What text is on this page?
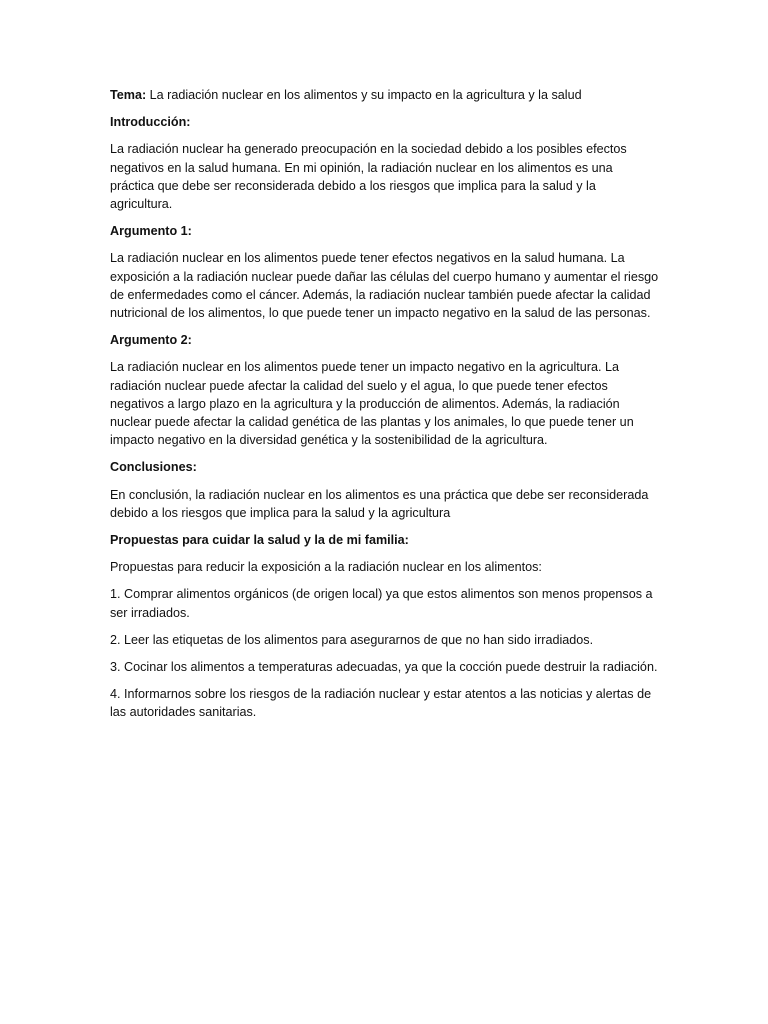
Tema: La radiación nuclear en los alimentos y su impacto en la agricultura y la salud

Introducción:

La radiación nuclear ha generado preocupación en la sociedad debido a los posibles efectos negativos en la salud humana. En mi opinión, la radiación nuclear en los alimentos es una práctica que debe ser reconsiderada debido a los riesgos que implica para la salud y la agricultura.

Argumento 1:

La radiación nuclear en los alimentos puede tener efectos negativos en la salud humana. La exposición a la radiación nuclear puede dañar las células del cuerpo humano y aumentar el riesgo de enfermedades como el cáncer. Además, la radiación nuclear también puede afectar la calidad nutricional de los alimentos, lo que puede tener un impacto negativo en la salud de las personas.

Argumento 2:

La radiación nuclear en los alimentos puede tener un impacto negativo en la agricultura. La radiación nuclear puede afectar la calidad del suelo y el agua, lo que puede tener efectos negativos a largo plazo en la agricultura y la producción de alimentos. Además, la radiación nuclear puede afectar la calidad genética de las plantas y los animales, lo que puede tener un impacto negativo en la diversidad genética y la sostenibilidad de la agricultura.

Conclusiones:

En conclusión, la radiación nuclear en los alimentos es una práctica que debe ser reconsiderada debido a los riesgos que implica para la salud y la agricultura

Propuestas para cuidar la salud y la de mi familia:

Propuestas para reducir la exposición a la radiación nuclear en los alimentos:

1. Comprar alimentos orgánicos (de origen local) ya que estos alimentos son menos propensos a ser irradiados.

2. Leer las etiquetas de los alimentos para asegurarnos de que no han sido irradiados.

3. Cocinar los alimentos a temperaturas adecuadas, ya que la cocción puede destruir la radiación.

4. Informarnos sobre los riesgos de la radiación nuclear y estar atentos a las noticias y alertas de las autoridades sanitarias.
